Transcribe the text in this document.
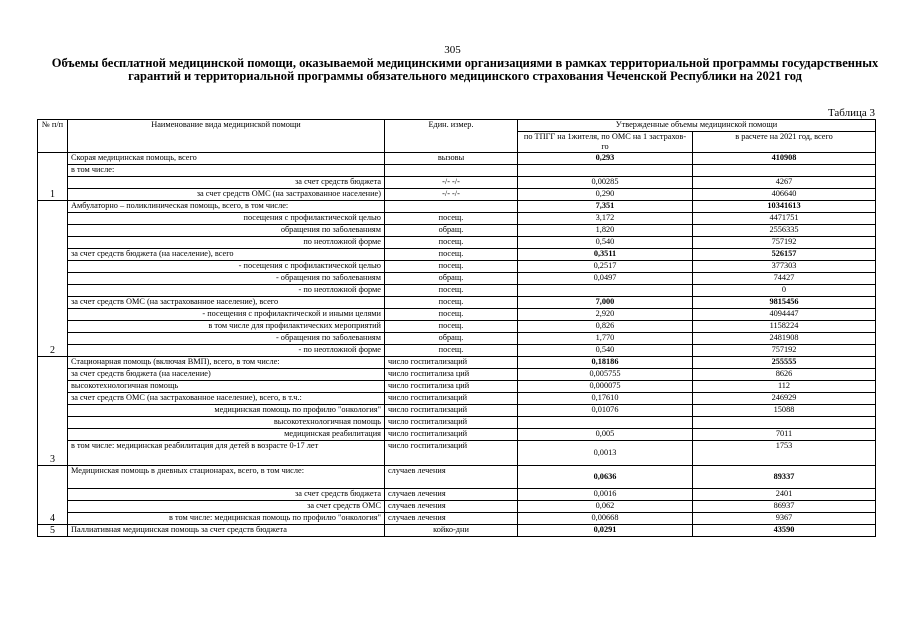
305
Объемы бесплатной медицинской помощи, оказываемой медицинскими организациями в рамках территориальной программы государственных гарантий и территориальной программы обязательного медицинского страхования Чеченской Республики на 2021 год
Таблица 3
№ п/п	Наименование вида медицинской помощи	Един. измер.	Утвержденные объемы медицинской помощи	
			по ТПГГ на 1жителя, по ОМС на 1 застрахов-го	в расчете на 2021 год, всего
1	Скорая медицинская помощь, всего	вызовы	0,293	410908
	в том числе:			
	за счет средств бюджета	-/- -/-	0,00285	4267
	за счет средств ОМС (на застрахованное население)	-/- -/-	0,290	406640
2	Амбулаторно – поликлиническая помощь, всего, в том числе:		7,351	10341613
	посещения с профилактической целью	посещ.	3,172	4471751
	обращения по заболеваниям	обращ.	1,820	2556335
	по неотложной форме	посещ.	0,540	757192
	за счет средств бюджета (на население), всего	посещ.	0,3511	526157
	- посещения с профилактической целью	посещ.	0,2517	377303
	- обращения по заболеваниям	обращ.	0,0497	74427
	- по неотложной форме	посещ.		0
	за счет средств ОМС (на застрахованное население), всего	посещ.	7,000	9815456
	- посещения с профилактической и иными целями	посещ.	2,920	4094447
	в том числе для профилактических мероприятий	посещ.	0,826	1158224
	- обращения по заболеваниям	обращ.	1,770	2481908
	- по неотложной форме	посещ.	0,540	757192
3	Стационарная помощь (включая ВМП), всего, в том числе:	число госпитализаций	0,18186	255555
	за счет средств бюджета (на население)	число госпитализа ций	0,005755	8626
	высокотехнологичная помощь	число госпитализа ций	0,000075	112
	за счет средств ОМС (на застрахованное население), всего, в т.ч.:	число госпитализаций	0,17610	246929
	медицинская помощь по профилю "онкология"	число госпитализаций	0,01076	15088
	высокотехнологичная помощь	число госпитализаций		
	медицинская реабилитация	число госпитализаций	0,005	7011
	в том числе: медицинская реабилитация для детей в возрасте 0-17 лет	число госпитализаций	0,0013	1753
4	Медицинская помощь в дневных стационарах, всего, в том числе:	случаев лечения	0,0636	89337
	за счет средств бюджета	случаев лечения	0,0016	2401
	за счет средств ОМС	случаев лечения	0,062	86937
	в том числе: медицинская помощь по профилю "онкология"	случаев лечения	0,00668	9367
5	Паллиативная медицинская помощь за счет средств бюджета	койко-дни	0,0291	43590
